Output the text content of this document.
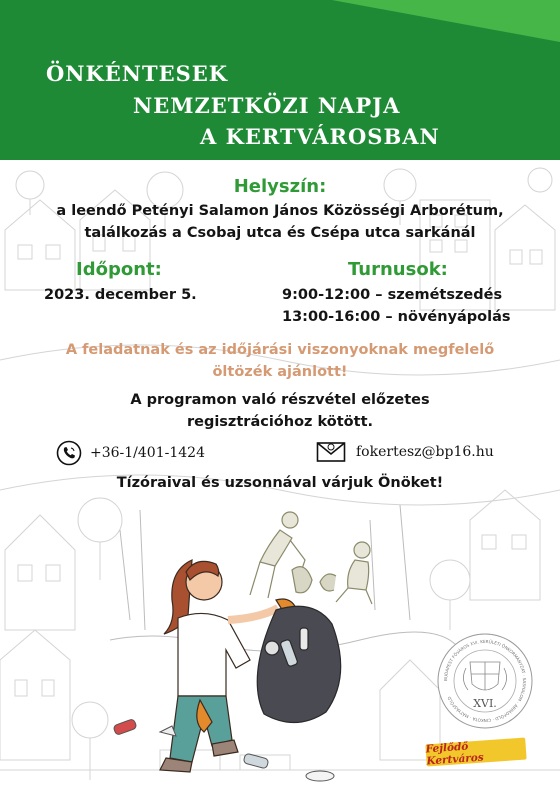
ÖNKÉNTESEK
NEMZETKÖZI NAPJA
A KERTVÁROSBAN
Helyszín:
a leendő Petényi Salamon János Közösségi Arborétum,
találkozás a Csobaj utca és Csépa utca sarkánál
Időpont:
2023. december 5.
Turnusok:
9:00-12:00 – szemétszedés
13:00-16:00 – növényápolás
A feladatnak és az időjárási viszonyoknak megfelelő
öltözék ajánlott!
A programon való részvétel előzetes
regisztrációhoz kötött.
+36-1/401-1424	fokertesz@bp16.hu
Tízóraival és uzsonnával várjuk Önöket!
BUDAPEST FŐVÁROS XVI. KERÜLETI ÖNKORMÁNYZAT · SASHALOM · ÁRPÁDFÖLD · CINKOTA · MÁTYÁSFÖLD	XVI.
Fejlődő Kertváros
